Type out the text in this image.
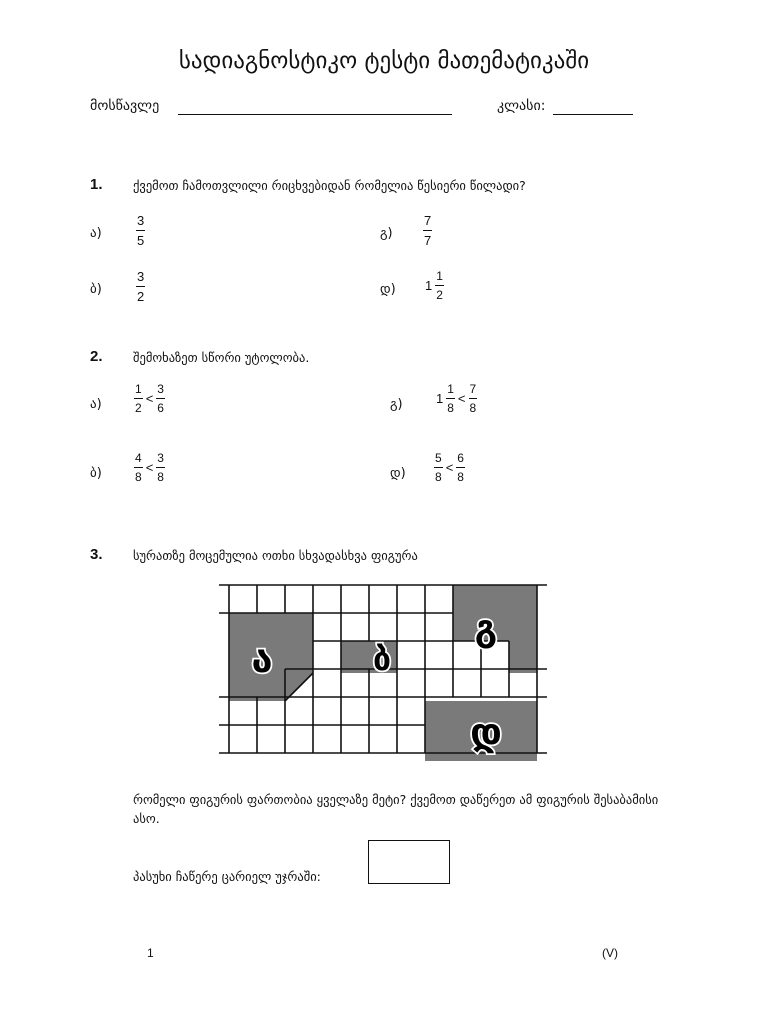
სადიაგნოსტიკო ტესტი მათემატიკაში
მოსწავლე	კლასი:
1. ქვემოთ ჩამოთვლილი რიცხვებიდან რომელია წესიერი წილადი?
ა)	$\frac{3}{5}$
ბ)	$\frac{3}{2}$
გ) $\frac{7}{7}$
დ) $1 \frac{1}{2}$
2. შემოხაზეთ სწორი უტოლობა.
ა)	$\frac{1}{2} < \frac{3}{6}$
ბ)	$\frac{4}{8} < \frac{3}{8}$
გ)	$1 \frac{1}{8} < \frac{7}{8}$
დ) $\frac{5}{8} < \frac{6}{8}$
3. სურათზე მოცემულია ოთხი სხვადასხვა ფიგურა
ა	ბ
გ
დ
რომელი ფიგურის ფართობია ყველაზე მეტი? ქვემოთ დაწერეთ ამ ფიგურის შესაბამისი ასო.
პასუხი ჩაწერე ცარიელ უჯრაში:
1	(V)
